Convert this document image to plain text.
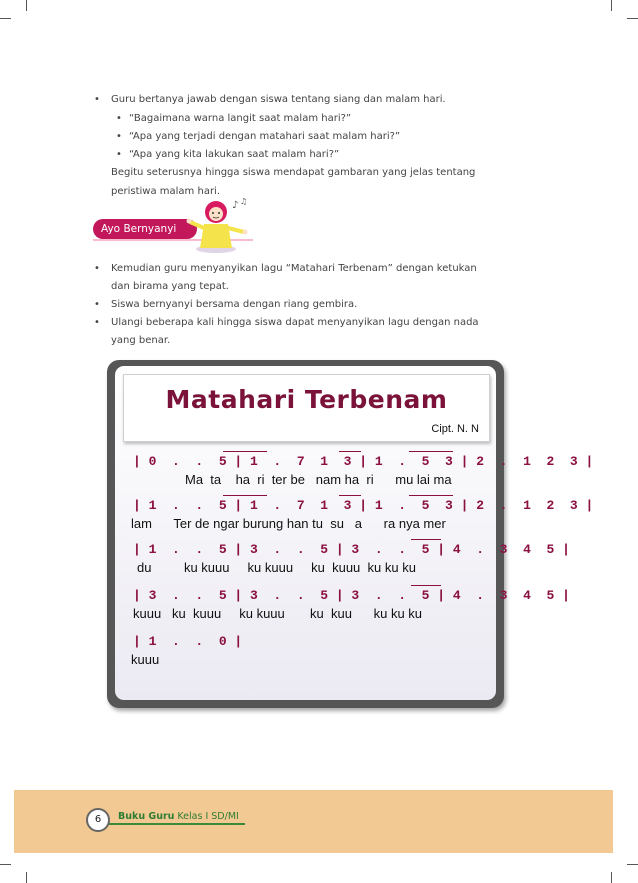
• Guru bertanya jawab dengan siswa tentang siang dan malam hari.
• “Bagaimana warna langit saat malam hari?”
• “Apa yang terjadi dengan matahari saat malam hari?”
• “Apa yang kita lakukan saat malam hari?”
Begitu seterusnya hingga siswa mendapat gambaran yang jelas tentang
peristiwa malam hari.
Ayo Bernyanyi
♪ ♫
• Kemudian guru menyanyikan lagu “Matahari Terbenam” dengan ketukan
dan birama yang tepat.
• Siswa bernyanyi bersama dengan riang gembira.
• Ulangi beberapa kali hingga siswa dapat menyanyikan lagu dengan nada
yang benar.
Matahari Terbenam
Cipt. N. N
| 0  .  .  5 | 1  .  7  1  3 | 1  .  5  3 | 2  .  1  2  3 |
Ma  ta    ha  ri  ter be   nam ha  ri      mu lai ma
| 1  .  .  5 | 1  .  7  1  3 | 1  .  5  3 | 2  .  1  2  3 |
lam      Ter de ngar burung han tu  su   a      ra nya mer
| 1  .  .  5 | 3  .  .  5 | 3  .  .  5 | 4  .  3  4  5 |
du         ku kuuu     ku kuuu     ku  kuuu  ku ku ku
| 3  .  .  5 | 3  .  .  5 | 3  .  .  5 | 4  .  3  4  5 |
kuuu   ku  kuuu     ku kuuu       ku  kuu      ku ku ku
| 1  .  .  0 |
kuuu
6	Buku Guru Kelas I SD/MI
